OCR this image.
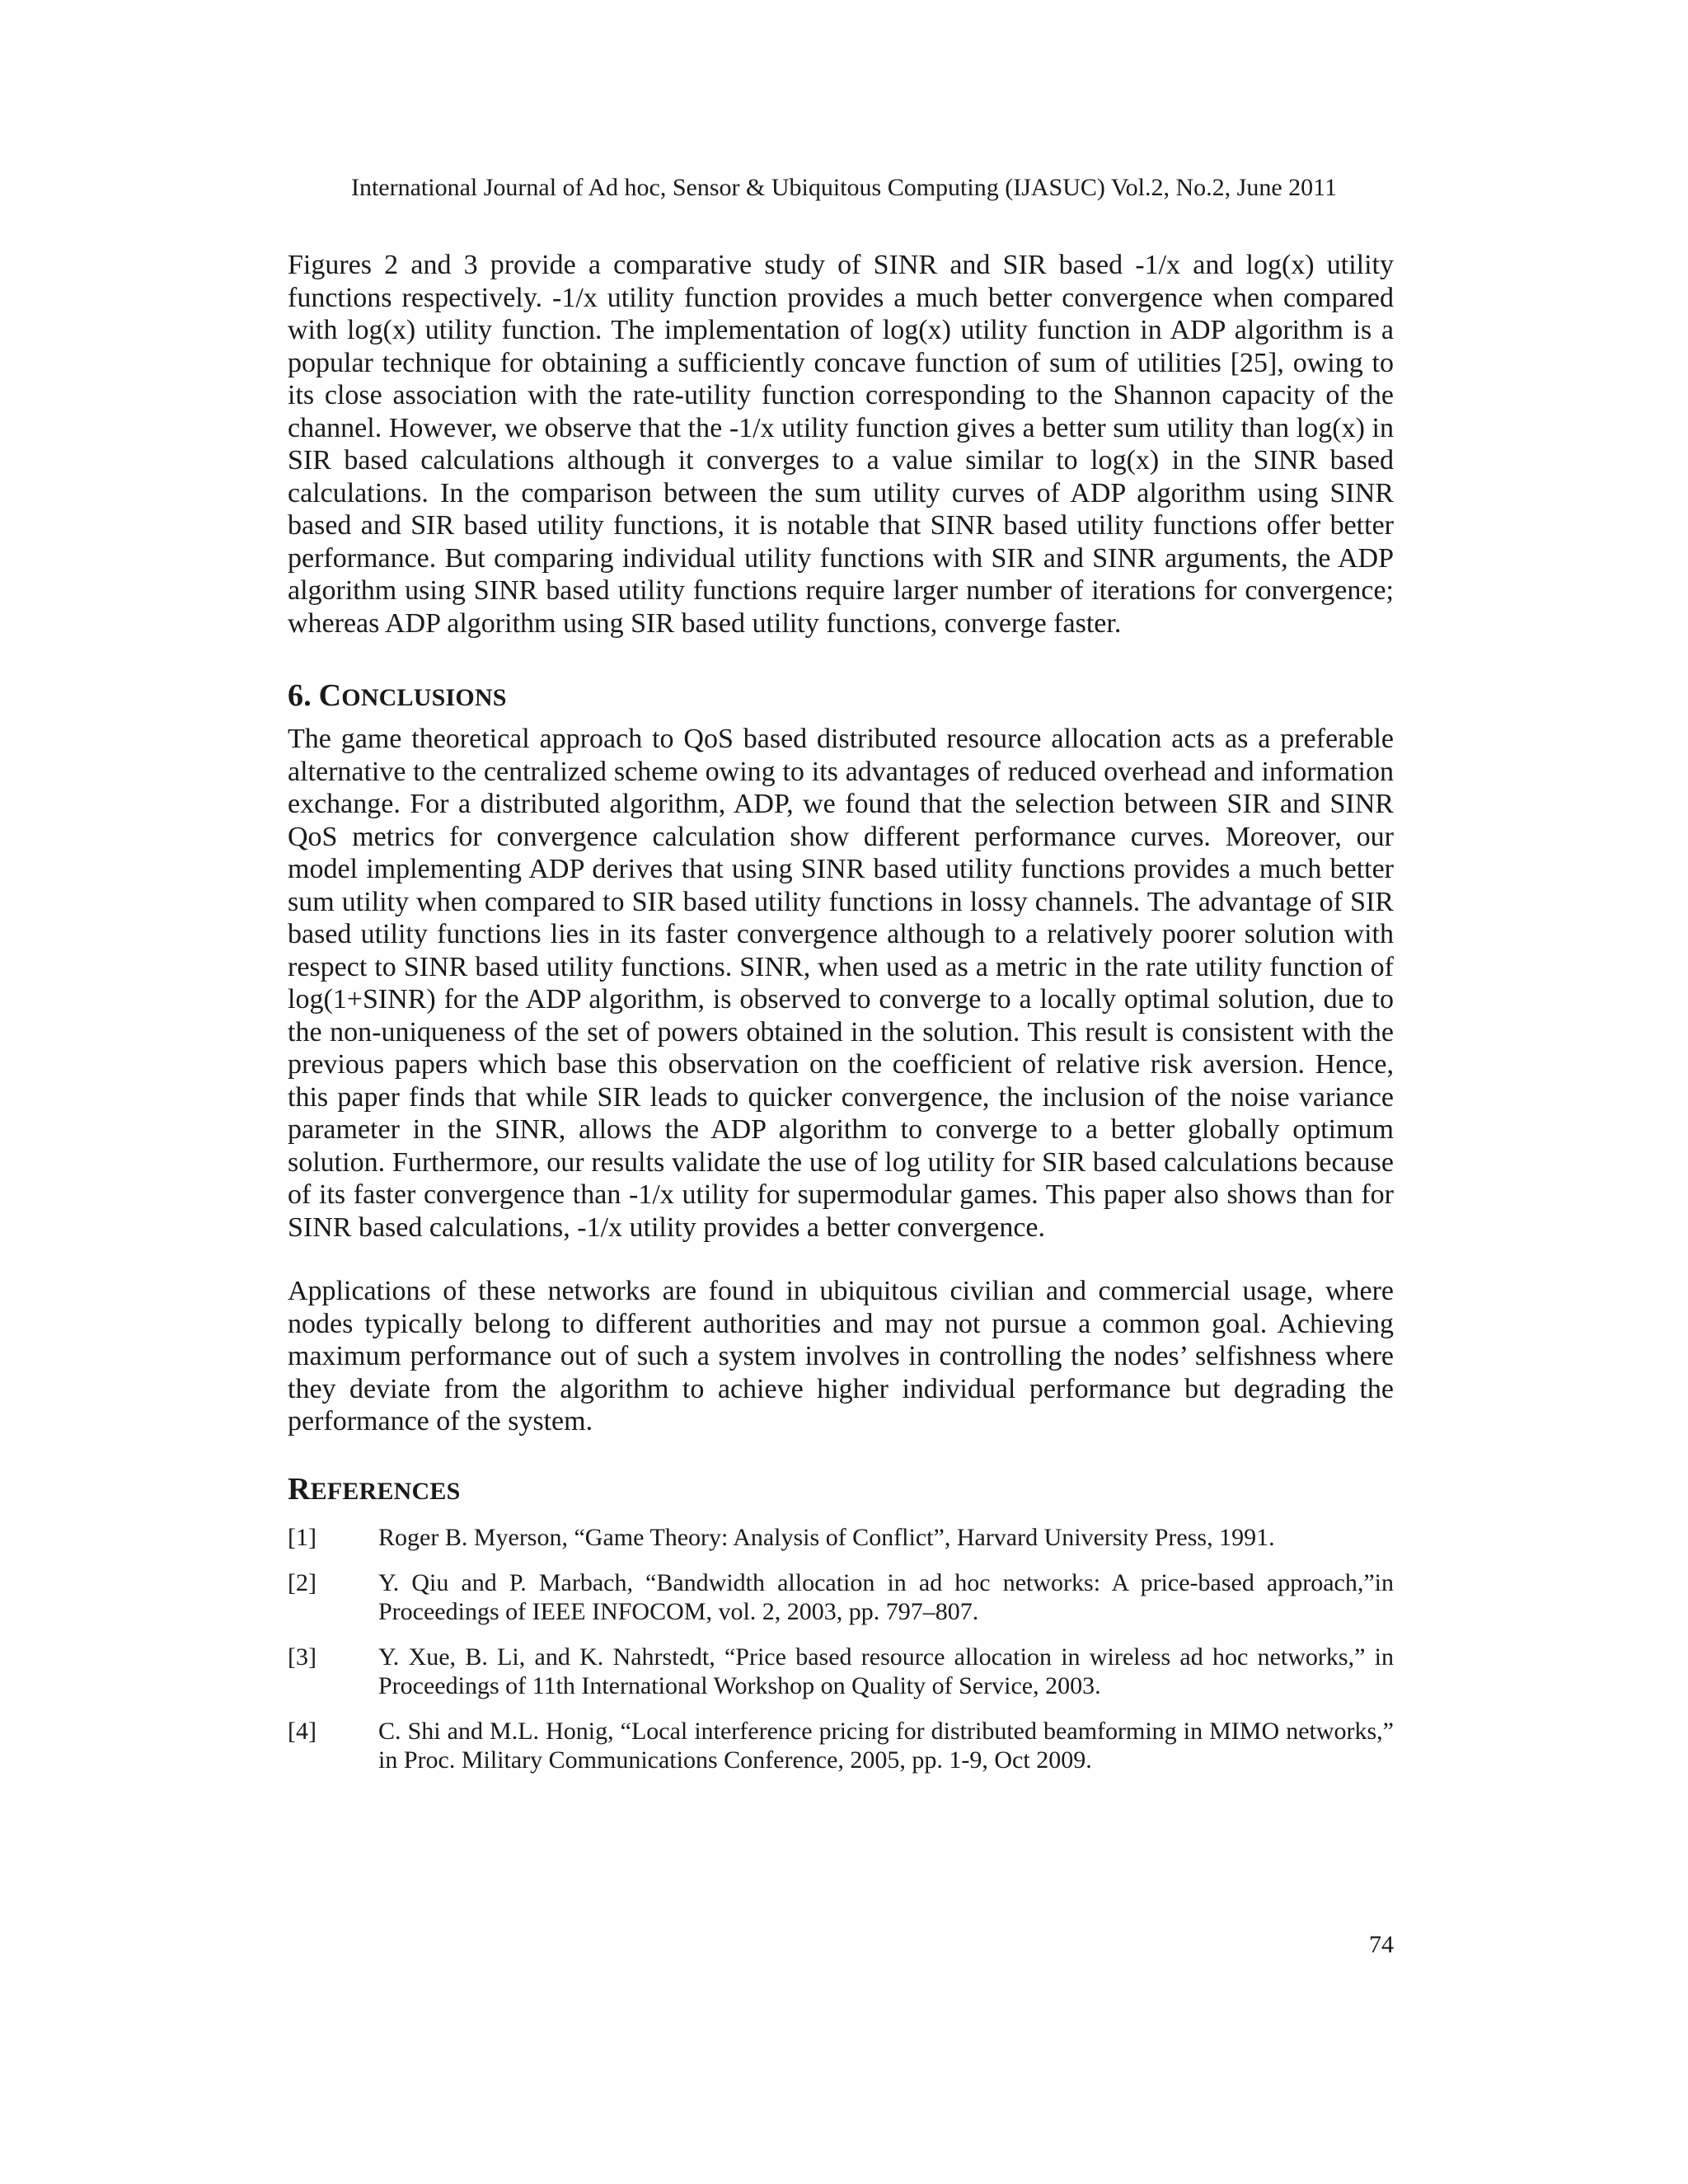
International Journal of Ad hoc, Sensor & Ubiquitous Computing (IJASUC) Vol.2, No.2, June 2011

Figures 2 and 3 provide a comparative study of SINR and SIR based -1/x and log(x) utility functions respectively. -1/x utility function provides a much better convergence when compared with log(x) utility function. The implementation of log(x) utility function in ADP algorithm is a popular technique for obtaining a sufficiently concave function of sum of utilities [25], owing to its close association with the rate-utility function corresponding to the Shannon capacity of the channel. However, we observe that the -1/x utility function gives a better sum utility than log(x) in SIR based calculations although it converges to a value similar to log(x) in the SINR based calculations. In the comparison between the sum utility curves of ADP algorithm using SINR based and SIR based utility functions, it is notable that SINR based utility functions offer better performance. But comparing individual utility functions with SIR and SINR arguments, the ADP algorithm using SINR based utility functions require larger number of iterations for convergence; whereas ADP algorithm using SIR based utility functions, converge faster.

6. CONCLUSIONS

The game theoretical approach to QoS based distributed resource allocation acts as a preferable alternative to the centralized scheme owing to its advantages of reduced overhead and information exchange. For a distributed algorithm, ADP, we found that the selection between SIR and SINR QoS metrics for convergence calculation show different performance curves. Moreover, our model implementing ADP derives that using SINR based utility functions provides a much better sum utility when compared to SIR based utility functions in lossy channels. The advantage of SIR based utility functions lies in its faster convergence although to a relatively poorer solution with respect to SINR based utility functions. SINR, when used as a metric in the rate utility function of log(1+SINR) for the ADP algorithm, is observed to converge to a locally optimal solution, due to the non-uniqueness of the set of powers obtained in the solution. This result is consistent with the previous papers which base this observation on the coefficient of relative risk aversion. Hence, this paper finds that while SIR leads to quicker convergence, the inclusion of the noise variance parameter in the SINR, allows the ADP algorithm to converge to a better globally optimum solution. Furthermore, our results validate the use of log utility for SIR based calculations because of its faster convergence than -1/x utility for supermodular games. This paper also shows than for SINR based calculations, -1/x utility provides a better convergence.

Applications of these networks are found in ubiquitous civilian and commercial usage, where nodes typically belong to different authorities and may not pursue a common goal. Achieving maximum performance out of such a system involves in controlling the nodes’ selfishness where they deviate from the algorithm to achieve higher individual performance but degrading the performance of the system.

REFERENCES
[1]	Roger B. Myerson, “Game Theory: Analysis of Conflict”, Harvard University Press, 1991.
[2]	Y. Qiu and P. Marbach, “Bandwidth allocation in ad hoc networks: A price-based approach,”in Proceedings of IEEE INFOCOM, vol. 2, 2003, pp. 797–807.
[3]	Y. Xue, B. Li, and K. Nahrstedt, “Price based resource allocation in wireless ad hoc networks,” in Proceedings of 11th International Workshop on Quality of Service, 2003.
[4]	C. Shi and M.L. Honig, “Local interference pricing for distributed beamforming in MIMO networks,” in Proc. Military Communications Conference, 2005, pp. 1-9, Oct 2009.
74
